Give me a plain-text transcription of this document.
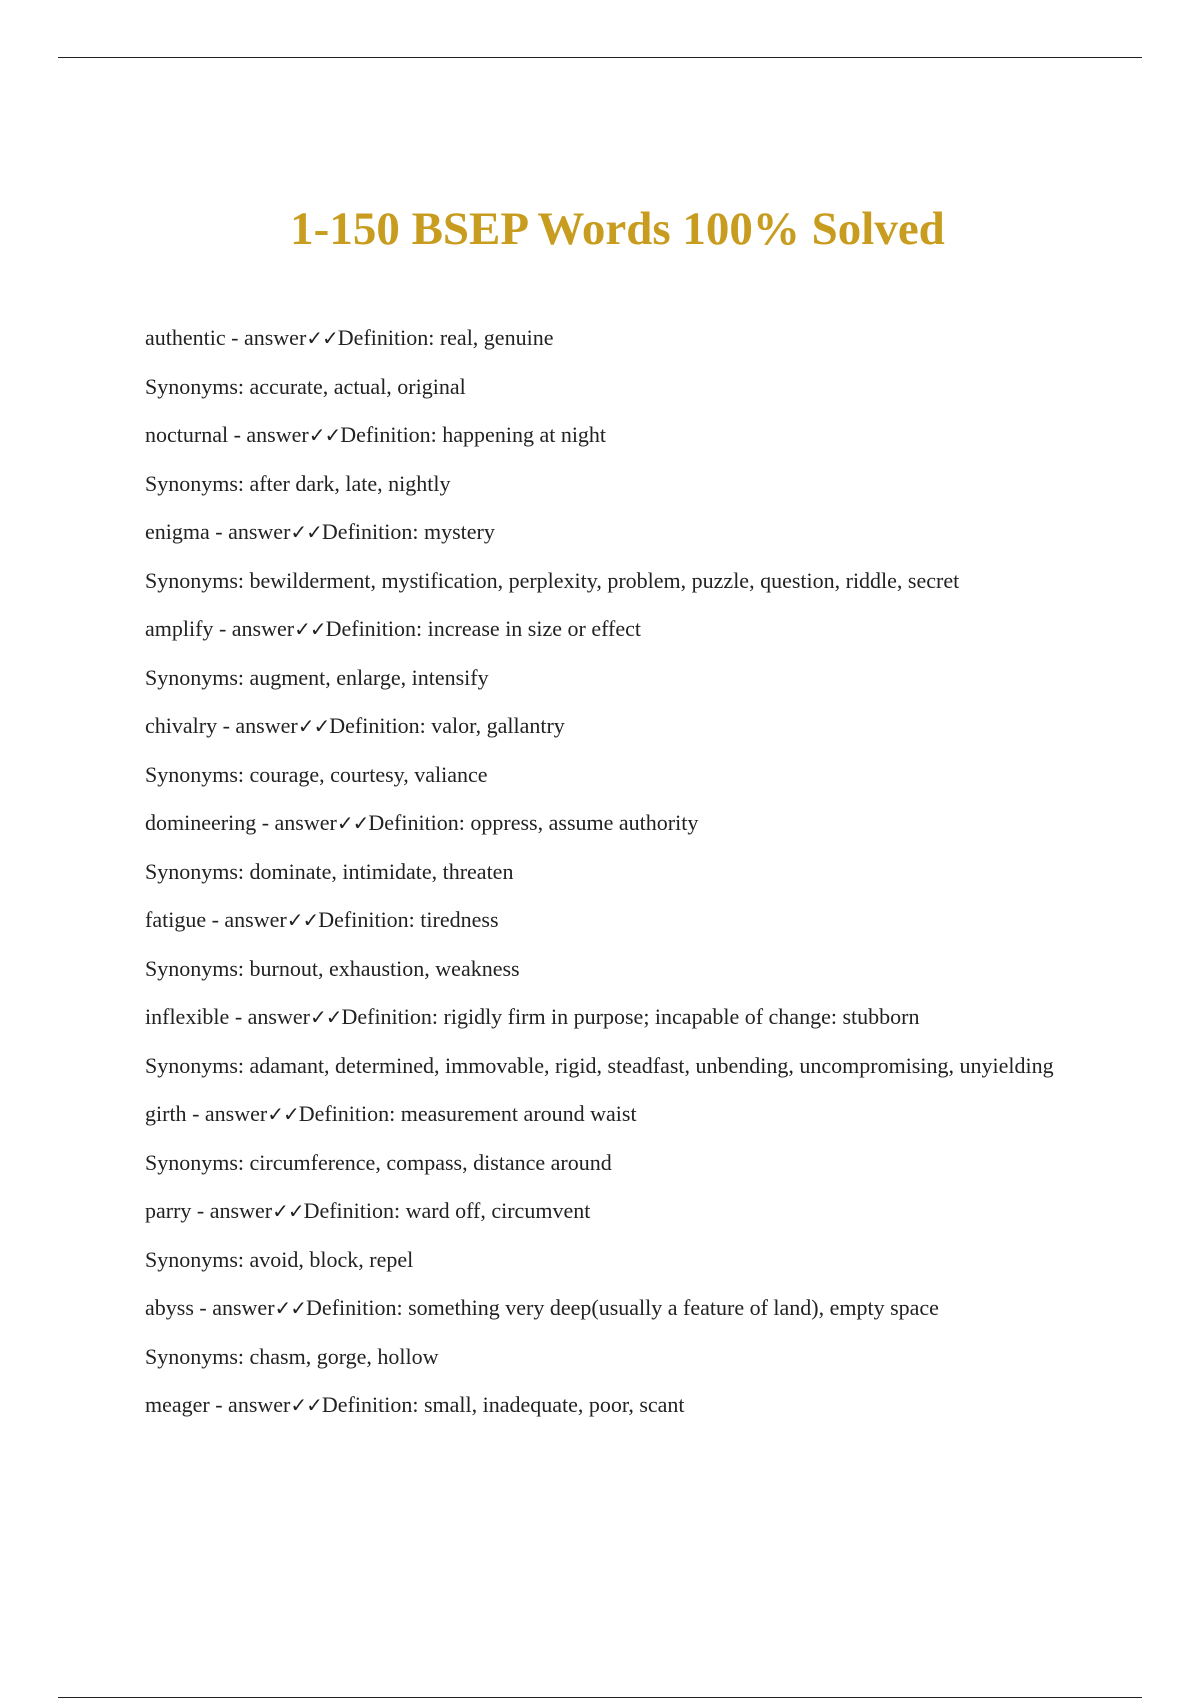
1-150 BSEP Words 100% Solved

authentic - answer✓✓Definition: real, genuine

Synonyms: accurate, actual, original

nocturnal - answer✓✓Definition: happening at night

Synonyms: after dark, late, nightly

enigma - answer✓✓Definition: mystery

Synonyms: bewilderment, mystification, perplexity, problem, puzzle, question, riddle, secret

amplify - answer✓✓Definition: increase in size or effect

Synonyms: augment, enlarge, intensify

chivalry - answer✓✓Definition: valor, gallantry

Synonyms: courage, courtesy, valiance

domineering - answer✓✓Definition: oppress, assume authority

Synonyms: dominate, intimidate, threaten

fatigue - answer✓✓Definition: tiredness

Synonyms: burnout, exhaustion, weakness

inflexible - answer✓✓Definition: rigidly firm in purpose; incapable of change: stubborn

Synonyms: adamant, determined, immovable, rigid, steadfast, unbending, uncompromising, unyielding

girth - answer✓✓Definition: measurement around waist

Synonyms: circumference, compass, distance around

parry - answer✓✓Definition: ward off, circumvent

Synonyms: avoid, block, repel

abyss - answer✓✓Definition: something very deep(usually a feature of land), empty space

Synonyms: chasm, gorge, hollow

meager - answer✓✓Definition: small, inadequate, poor, scant
